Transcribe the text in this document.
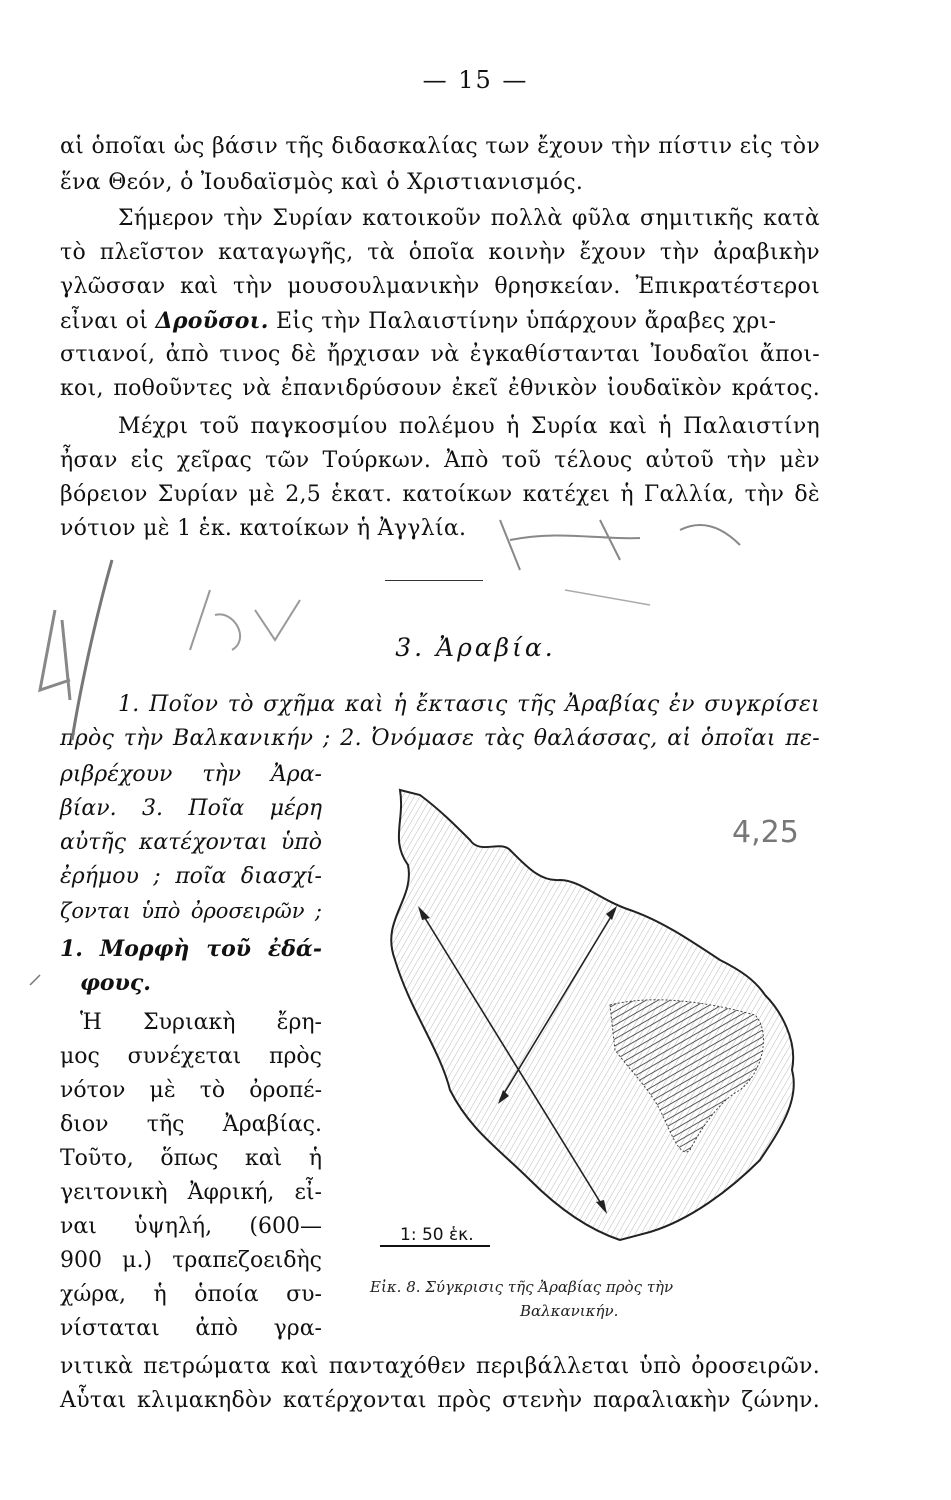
— 15 —
αἱ ὁποῖαι ὡς βάσιν τῆς διδασκαλίας των ἔχουν τὴν πίστιν εἰς τὸν
ἕνα Θεόν, ὁ Ἰουδαϊσμὸς καὶ ὁ Χριστιανισμός.
Σήμερον τὴν Συρίαν κατοικοῦν πολλὰ φῦλα σημιτικῆς κατὰ
τὸ πλεῖστον καταγωγῆς, τὰ ὁποῖα κοινὴν ἔχουν τὴν ἀραβικὴν
γλῶσσαν καὶ τὴν μουσουλμανικὴν θρησκείαν. Ἐπικρατέστεροι
εἶναι οἱ Δροῦσοι. Εἰς τὴν Παλαιστίνην ὑπάρχουν ἄραβες χρι-
στιανοί, ἀπὸ τινος δὲ ἤρχισαν νὰ ἐγκαθίστανται Ἰουδαῖοι ἄποι-
κοι, ποθοῦντες νὰ ἐπανιδρύσουν ἐκεῖ ἐθνικὸν ἰουδαϊκὸν κράτος.
Μέχρι τοῦ παγκοσμίου πολέμου ἡ Συρία καὶ ἡ Παλαιστίνη
ἦσαν εἰς χεῖρας τῶν Τούρκων. Ἀπὸ τοῦ τέλους αὐτοῦ τὴν μὲν
βόρειον Συρίαν μὲ 2,5 ἑκατ. κατοίκων κατέχει ἡ Γαλλία, τὴν δὲ
νότιον μὲ 1 ἑκ. κατοίκων ἡ Ἀγγλία.
3. Ἀραβία.
1. Ποῖον τὸ σχῆμα καὶ ἡ ἔκτασις τῆς Ἀραβίας ἐν συγκρίσει
πρὸς τὴν Βαλκανικήν ; 2. Ὀνόμασε τὰς θαλάσσας, αἱ ὁποῖαι πε-
ριβρέχουν τὴν Ἀρα-
βίαν. 3. Ποῖα μέρη
αὐτῆς κατέχονται ὑπὸ
ἐρήμου ; ποῖα διασχί-
ζονται ὑπὸ ὀροσειρῶν ;
1. Μορφὴ τοῦ ἐδά-
φους.
Ἡ Συριακὴ ἔρη-
μος συνέχεται πρὸς
νότον μὲ τὸ ὀροπέ-
διον τῆς Ἀραβίας.
Τοῦτο, ὅπως καὶ ἡ
γειτονικὴ Ἀφρική, εἶ-
ναι ὑψηλή, (600—
900 μ.) τραπεζοειδὴς
χώρα, ἡ ὁποία συ-
νίσταται ἀπὸ γρα-
νιτικὰ πετρώματα καὶ πανταχόθεν περιβάλλεται ὑπὸ ὀροσειρῶν.
Αὗται κλιμακηδὸν κατέρχονται πρὸς στενὴν παραλιακὴν ζώνην.
1: 50 ἑκ.
Εἰκ. 8. Σύγκρισις τῆς Ἀραβίας πρὸς τὴν
Βαλκανικήν.
4,25
